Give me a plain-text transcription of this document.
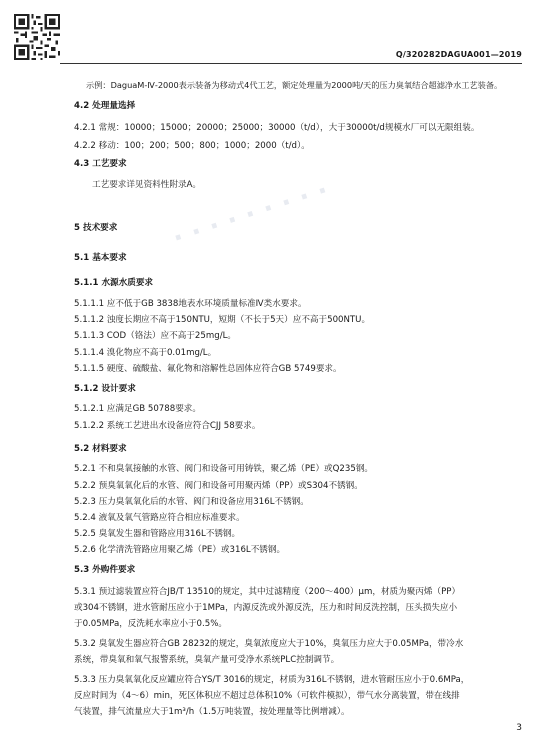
Q/320282DAGUA001—2019
· · · · · · · · ·
示例：DaguaM-Ⅳ-2000表示装备为移动式4代工艺，额定处理量为2000吨/天的压力臭氧结合超滤净水工艺装备。
4.2 处理量选择
4.2.1 常规：10000；15000；20000；25000；30000（t/d），大于30000t/d规模水厂可以无限组装。
4.2.2 移动：100；200；500；800；1000；2000（t/d）。
4.3 工艺要求
工艺要求详见资料性附录A。
5 技术要求
5.1 基本要求
5.1.1 水源水质要求
5.1.1.1 应不低于GB 3838地表水环境质量标准Ⅳ类水要求。
5.1.1.2 浊度长期应不高于150NTU，短期（不长于5天）应不高于500NTU。
5.1.1.3 COD（铬法）应不高于25mg/L。
5.1.1.4 溴化物应不高于0.01mg/L。
5.1.1.5 硬度、硫酸盐、氟化物和溶解性总固体应符合GB 5749要求。
5.1.2 设计要求
5.1.2.1 应满足GB 50788要求。
5.1.2.2 系统工艺进出水设备应符合CJJ 58要求。
5.2 材料要求
5.2.1 不和臭氧接触的水管、阀门和设备可用铸铁，聚乙烯（PE）或Q235钢。
5.2.2 预臭氧氧化后的水管、阀门和设备可用聚丙烯（PP）或S304不锈钢。
5.2.3 压力臭氧氧化后的水管、阀门和设备应用316L不锈钢。
5.2.4 液氧及氧气管路应符合相应标准要求。
5.2.5 臭氧发生器和管路应用316L不锈钢。
5.2.6 化学清洗管路应用聚乙烯（PE）或316L不锈钢。
5.3 外购件要求
5.3.1 预过滤装置应符合JB/T 13510的规定，其中过滤精度（200～400）μm，材质为聚丙烯（PP）
或304不锈钢，进水管耐压应小于1MPa，内源反洗或外源反洗，压力和时间反洗控制，压头损失应小
于0.05MPa，反洗耗水率应小于0.5%。
5.3.2 臭氧发生器应符合GB 28232的规定，臭氧浓度应大于10%，臭氧压力应大于0.05MPa，带冷水
系统，带臭氧和氧气报警系统，臭氧产量可受净水系统PLC控制调节。
5.3.3 压力臭氧氧化反应罐应符合YS/T 3016的规定，材质为316L不锈钢，进水管耐压应小于0.6MPa，
反应时间为（4～6）min，死区体积应不超过总体积10%（可软件模拟），带气水分离装置，带在线排
气装置，排气流量应大于1m³/h（1.5万吨装置，按处理量等比例增减）。
3
